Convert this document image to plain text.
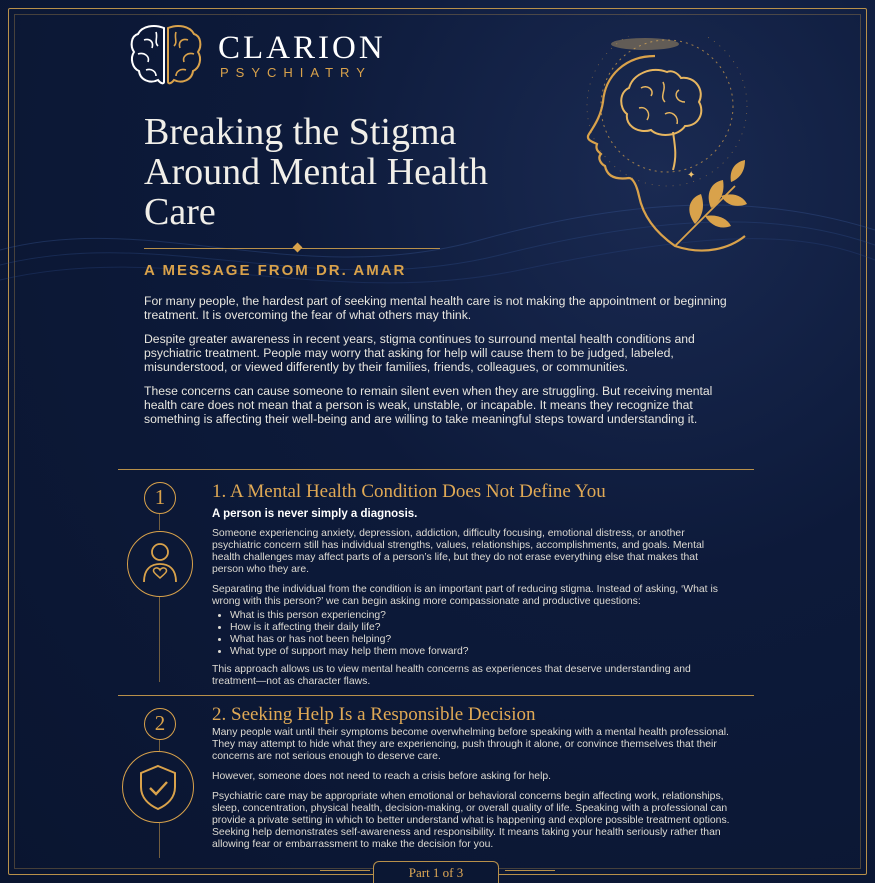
CLARION
PSYCHIATRY
✦
Breaking the Stigma Around Mental Health Care
A MESSAGE FROM DR. AMAR

For many people, the hardest part of seeking mental health care is not making the appointment or beginning treatment. It is overcoming the fear of what others may think.

Despite greater awareness in recent years, stigma continues to surround mental health conditions and psychiatric treatment. People may worry that asking for help will cause them to be judged, labeled, misunderstood, or viewed differently by their families, friends, colleagues, or communities.

These concerns can cause someone to remain silent even when they are struggling. But receiving mental health care does not mean that a person is weak, unstable, or incapable. It means they recognize that something is affecting their well-being and are willing to take meaningful steps toward understanding it.

1	1. A Mental Health Condition Does Not Define You
A person is never simply a diagnosis.

Someone experiencing anxiety, depression, addiction, difficulty focusing, emotional distress, or another psychiatric concern still has individual strengths, values, relationships, accomplishments, and goals. Mental health challenges may affect parts of a person’s life, but they do not erase everything else that makes that person who they are.

Separating the individual from the condition is an important part of reducing stigma. Instead of asking, ‘What is wrong with this person?’ we can begin asking more compassionate and productive questions:

• What is this person experiencing?
• How is it affecting their daily life?
• What has or has not been helping?
• What type of support may help them move forward?

This approach allows us to view mental health concerns as experiences that deserve understanding and treatment—not as character flaws.

2	2. Seeking Help Is a Responsible Decision

Many people wait until their symptoms become overwhelming before speaking with a mental health professional. They may attempt to hide what they are experiencing, push through it alone, or convince themselves that their concerns are not serious enough to deserve care.

However, someone does not need to reach a crisis before asking for help.

Psychiatric care may be appropriate when emotional or behavioral concerns begin affecting work, relationships, sleep, concentration, physical health, decision-making, or overall quality of life. Speaking with a professional can provide a private setting in which to better understand what is happening and explore possible treatment options.

Seeking help demonstrates self-awareness and responsibility. It means taking your health seriously rather than allowing fear or embarrassment to make the decision for you.

Part 1 of 3
